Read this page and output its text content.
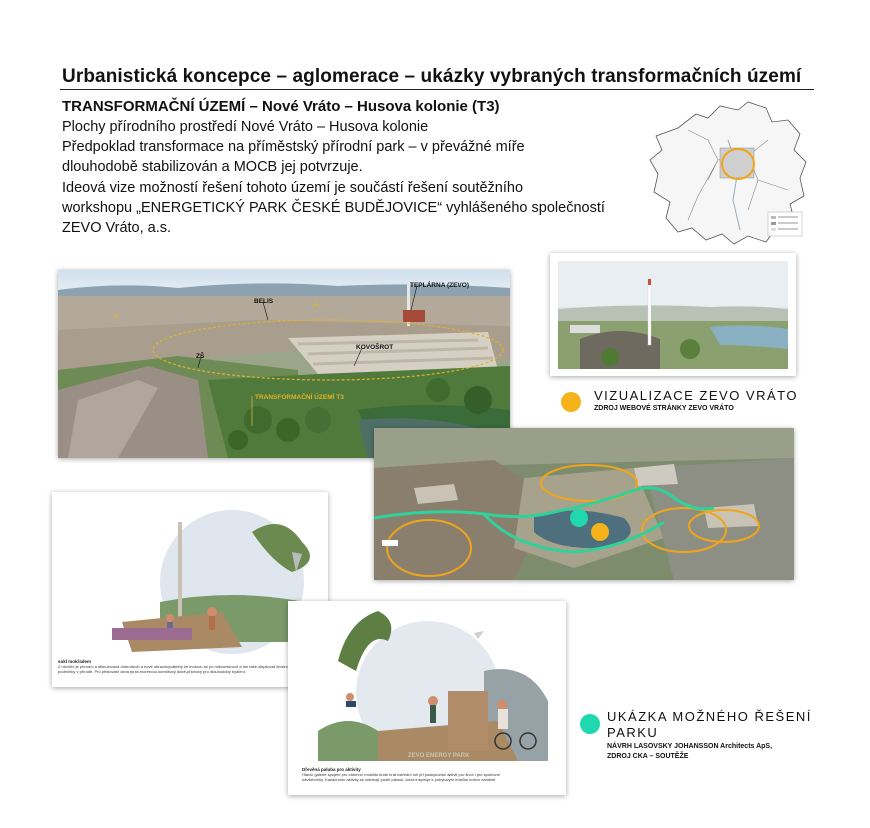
Urbanistická koncepce – aglomerace – ukázky vybraných transformačních území
TRANSFORMAČNÍ ÚZEMÍ – Nové Vráto – Husova kolonie (T3)
Plochy přírodního prostředí Nové Vráto – Husova kolonie
Předpoklad transformace na příměstský přírodní park – v převážné míře
dlouhodobě stabilizován a MOCB jej potvrzuje.
Ideová vize možností řešení tohoto území je součástí řešení soutěžního
workshopu „ENERGETICKÝ PARK ČESKÉ BUDĚJOVICE“ vyhlášeného společností
ZEVO Vráto, a.s.
▲
▲
TEPLÁRNA (ZEVO)
BELIS
KOVOŠROT
ZŠ
TRANSFORMAČNÍ ÚZEMÍ T3	VIZUALIZACE ZEVO VRÁTO
ZDROJ WEBOVÉ STRÁNKY ZEVO VRÁTO
sokl mokřadem
Z nivního je přírodní a stimulovaná dobrodruží a nové obrazovývatelný že mokrou až po mikroeskrové a tím také zlepšovat životní podmínky v přírodě. Pro pěstování okna tyran tvoréroou konstituvy době-přichový pro dlouhodobý bydlení.
ZEVO ENERGY PARK
Dřevěná paluba pro aktivity
Hlavní galerie spojení pro ohbmrní mobilitu bude hrát ústřední roli při poskytování aktivit pro život i pro sportovní návštěvníky. Každoroční aktivity se odehrají podél palouk, která inspiruje k pobytovým místům kolem náměstí.
UKÁZKA MOŽNÉHO ŘEŠENÍ
PARKU
NÁVRH LASOVSKY JOHANSSON Architects ApS,
ZDROJ CKA – SOUTĚŽE
